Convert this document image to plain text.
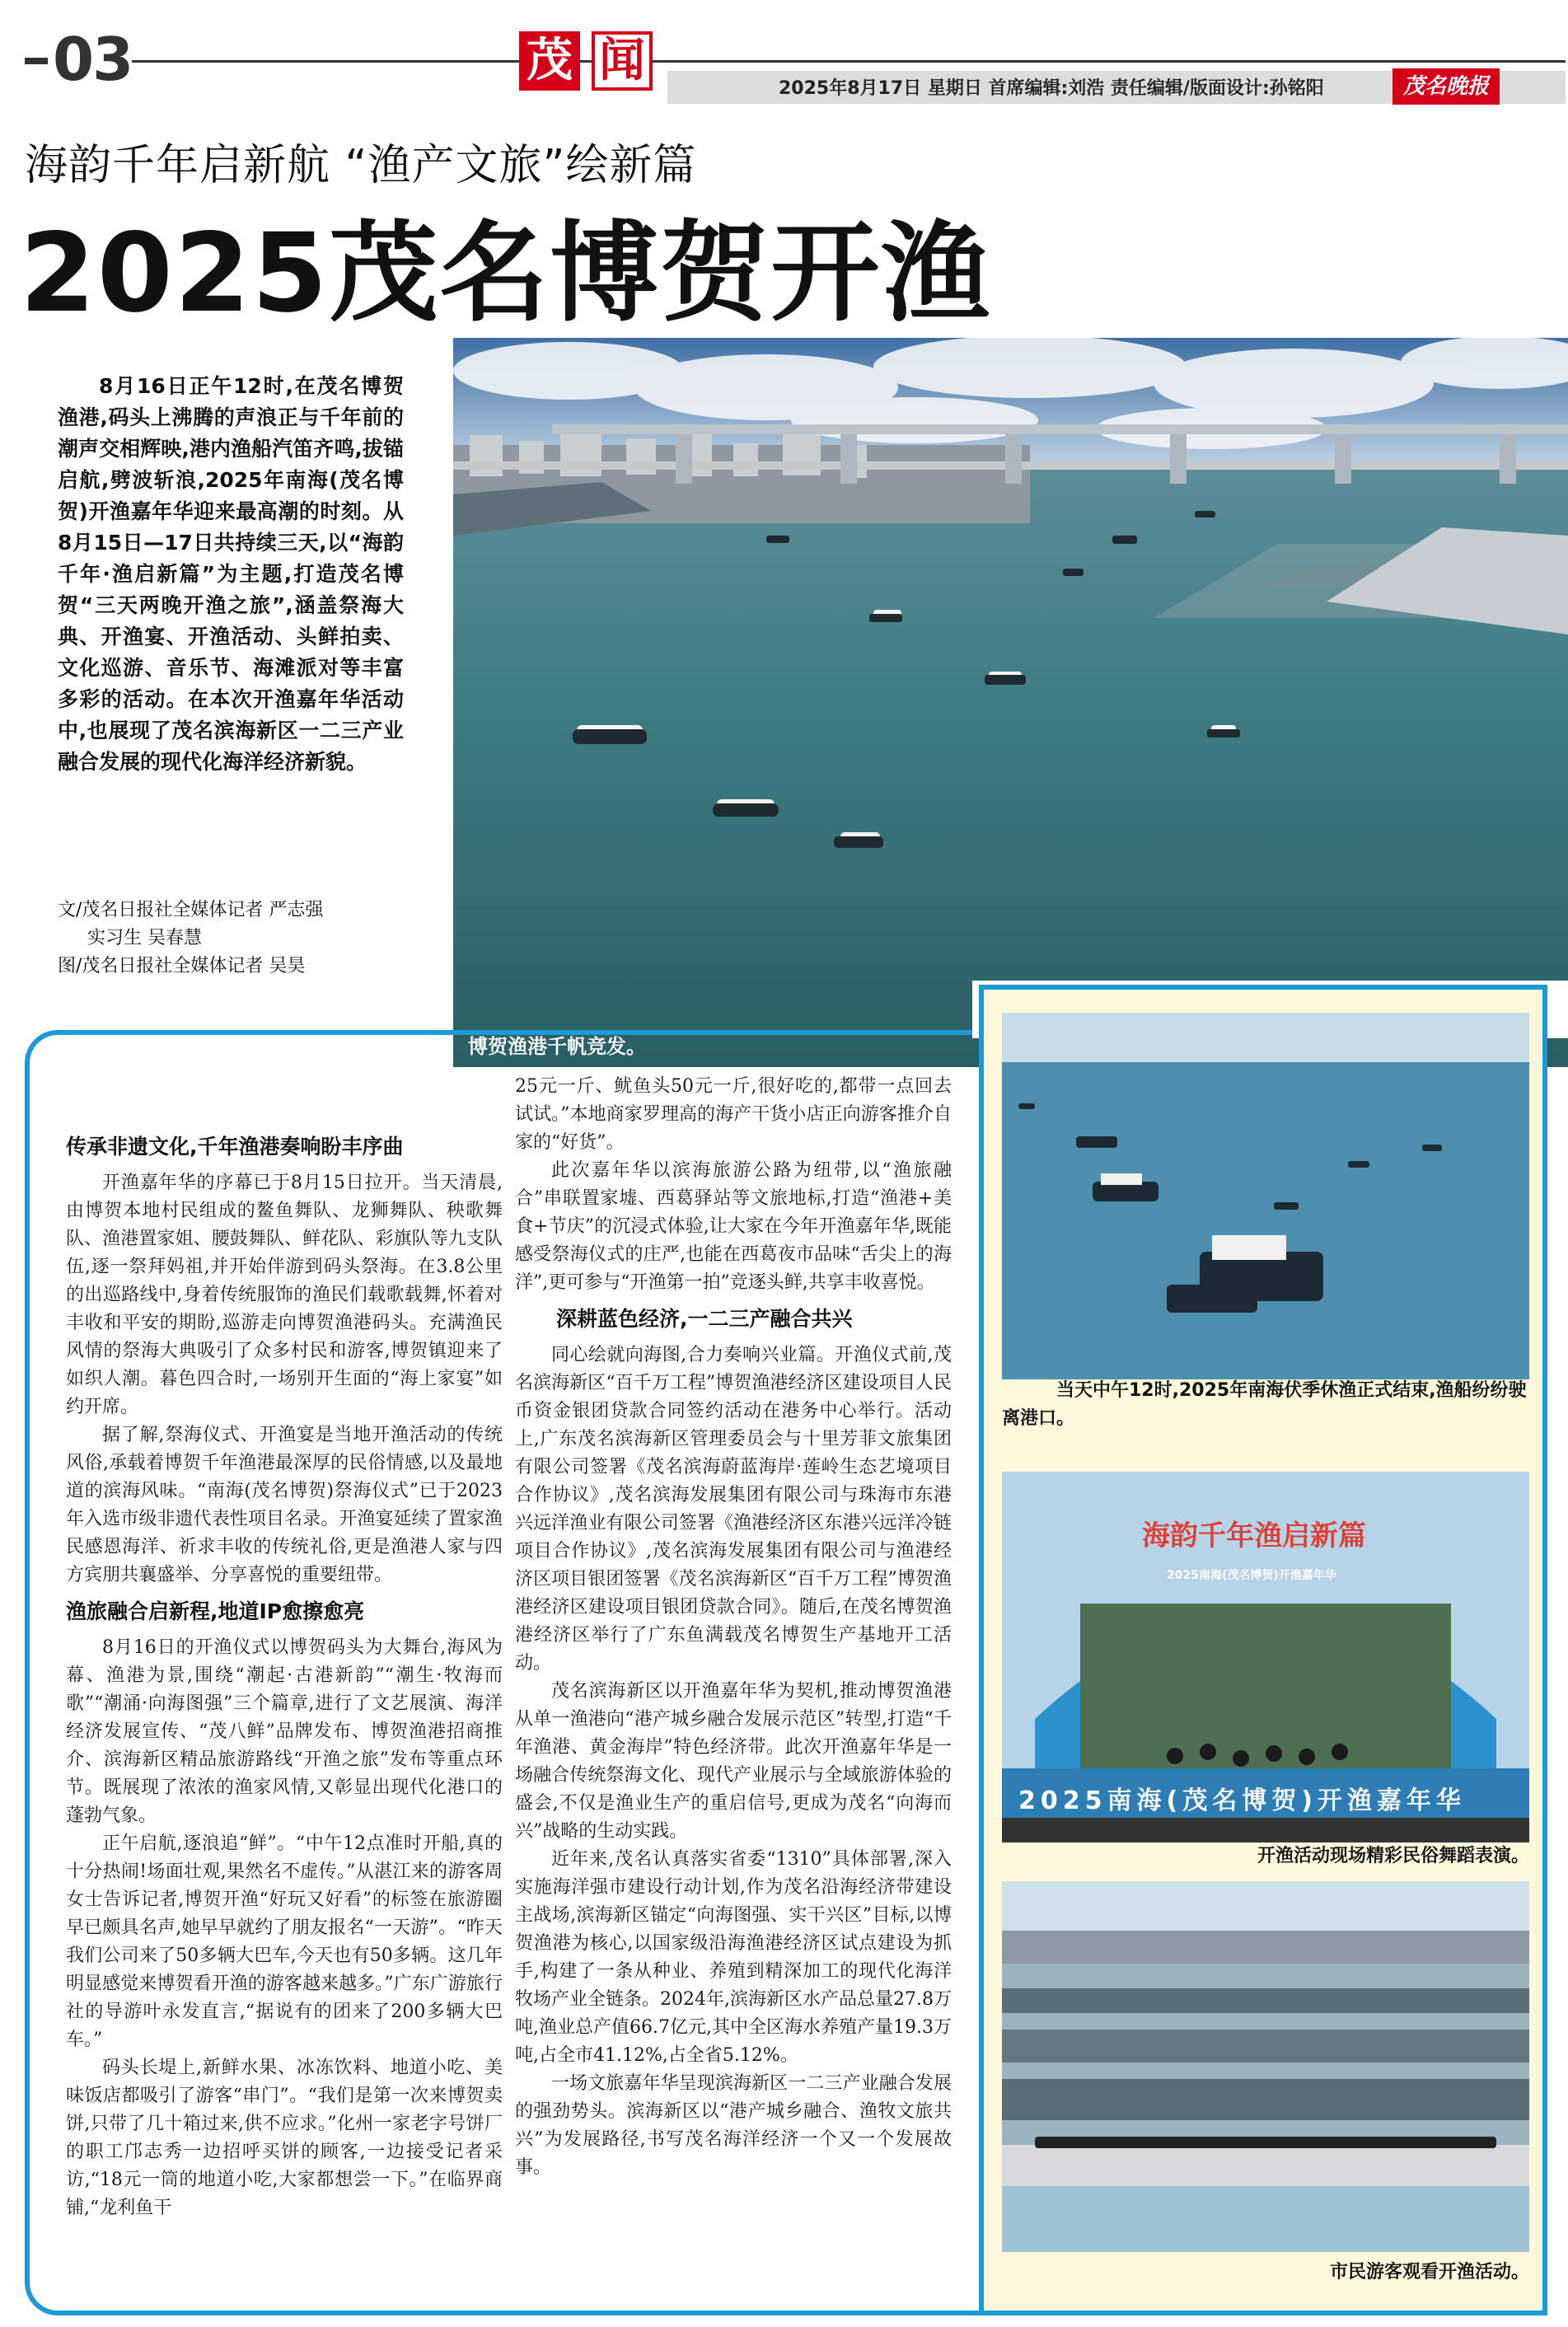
03	茂 闻
2025年8月17日 星期日 首席编辑:刘浩 责任编辑/版面设计:孙铭阳	茂名晚报
海韵千年启新航 “渔产文旅”绘新篇
2025茂名博贺开渔
8月16日正午12时,在茂名博贺渔港,码头上沸腾的声浪正与千年前的潮声交相辉映,港内渔船汽笛齐鸣,拔锚启航,劈波斩浪,2025年南海(茂名博贺)开渔嘉年华迎来最高潮的时刻。从8月15日—17日共持续三天,以“海韵千年·渔启新篇”为主题,打造茂名博贺“三天两晚开渔之旅”,涵盖祭海大典、开渔宴、开渔活动、头鲜拍卖、文化巡游、音乐节、海滩派对等丰富多彩的活动。在本次开渔嘉年华活动中,也展现了茂名滨海新区一二三产业融合发展的现代化海洋经济新貌。
文/茂名日报社全媒体记者 严志强
实习生 吴春慧
图/茂名日报社全媒体记者 吴昊
博贺渔港千帆竞发。
当天中午12时,2025年南海伏季休渔正式结束,渔船纷纷驶离港口。
海韵千年渔启新篇
2025南海(茂名博贺)开渔嘉年华
2025南海(茂名博贺)开渔嘉年华
开渔活动现场精彩民俗舞蹈表演。
市民游客观看开渔活动。
传承非遗文化,千年渔港奏响盼丰序曲

开渔嘉年华的序幕已于8月15日拉开。当天清晨,由博贺本地村民组成的鳌鱼舞队、龙狮舞队、秧歌舞队、渔港置家姐、腰鼓舞队、鲜花队、彩旗队等九支队伍,逐一祭拜妈祖,并开始伴游到码头祭海。在3.8公里的出巡路线中,身着传统服饰的渔民们载歌载舞,怀着对丰收和平安的期盼,巡游走向博贺渔港码头。充满渔民风情的祭海大典吸引了众多村民和游客,博贺镇迎来了如织人潮。暮色四合时,一场别开生面的“海上家宴”如约开席。

据了解,祭海仪式、开渔宴是当地开渔活动的传统风俗,承载着博贺千年渔港最深厚的民俗情感,以及最地道的滨海风味。“南海(茂名博贺)祭海仪式”已于2023年入选市级非遗代表性项目名录。开渔宴延续了置家渔民感恩海洋、祈求丰收的传统礼俗,更是渔港人家与四方宾朋共襄盛举、分享喜悦的重要纽带。

渔旅融合启新程,地道IP愈擦愈亮

8月16日的开渔仪式以博贺码头为大舞台,海风为幕、渔港为景,围绕“潮起·古港新韵”“潮生·牧海而歌”“潮涌·向海图强”三个篇章,进行了文艺展演、海洋经济发展宣传、“茂八鲜”品牌发布、博贺渔港招商推介、滨海新区精品旅游路线“开渔之旅”发布等重点环节。既展现了浓浓的渔家风情,又彰显出现代化港口的蓬勃气象。

正午启航,逐浪追“鲜”。“中午12点准时开船,真的十分热闹!场面壮观,果然名不虚传。”从湛江来的游客周女士告诉记者,博贺开渔“好玩又好看”的标签在旅游圈早已颇具名声,她早早就约了朋友报名“一天游”。“昨天我们公司来了50多辆大巴车,今天也有50多辆。这几年明显感觉来博贺看开渔的游客越来越多。”广东广游旅行社的导游叶永发直言,“据说有的团来了200多辆大巴车。”

码头长堤上,新鲜水果、冰冻饮料、地道小吃、美味饭店都吸引了游客“串门”。“我们是第一次来博贺卖饼,只带了几十箱过来,供不应求。”化州一家老字号饼厂的职工邝志秀一边招呼买饼的顾客,一边接受记者采访,“18元一筒的地道小吃,大家都想尝一下。”在临界商铺,“龙利鱼干

25元一斤、鱿鱼头50元一斤,很好吃的,都带一点回去试试。”本地商家罗理高的海产干货小店正向游客推介自家的“好货”。

此次嘉年华以滨海旅游公路为纽带,以“渔旅融合”串联置家墟、西葛驿站等文旅地标,打造“渔港+美食+节庆”的沉浸式体验,让大家在今年开渔嘉年华,既能感受祭海仪式的庄严,也能在西葛夜市品味“舌尖上的海洋”,更可参与“开渔第一拍”竞逐头鲜,共享丰收喜悦。

深耕蓝色经济,一二三产融合共兴

同心绘就向海图,合力奏响兴业篇。开渔仪式前,茂名滨海新区“百千万工程”博贺渔港经济区建设项目人民币资金银团贷款合同签约活动在港务中心举行。活动上,广东茂名滨海新区管理委员会与十里芳菲文旅集团有限公司签署《茂名滨海蔚蓝海岸·莲岭生态艺境项目合作协议》,茂名滨海发展集团有限公司与珠海市东港兴远洋渔业有限公司签署《渔港经济区东港兴远洋冷链项目合作协议》,茂名滨海发展集团有限公司与渔港经济区项目银团签署《茂名滨海新区“百千万工程”博贺渔港经济区建设项目银团贷款合同》。随后,在茂名博贺渔港经济区举行了广东鱼满载茂名博贺生产基地开工活动。

茂名滨海新区以开渔嘉年华为契机,推动博贺渔港从单一渔港向“港产城乡融合发展示范区”转型,打造“千年渔港、黄金海岸”特色经济带。此次开渔嘉年华是一场融合传统祭海文化、现代产业展示与全域旅游体验的盛会,不仅是渔业生产的重启信号,更成为茂名“向海而兴”战略的生动实践。

近年来,茂名认真落实省委“1310”具体部署,深入实施海洋强市建设行动计划,作为茂名沿海经济带建设主战场,滨海新区锚定“向海图强、实干兴区”目标,以博贺渔港为核心,以国家级沿海渔港经济区试点建设为抓手,构建了一条从种业、养殖到精深加工的现代化海洋牧场产业全链条。2024年,滨海新区水产品总量27.8万吨,渔业总产值66.7亿元,其中全区海水养殖产量19.3万吨,占全市41.12%,占全省5.12%。

一场文旅嘉年华呈现滨海新区一二三产业融合发展的强劲势头。滨海新区以“港产城乡融合、渔牧文旅共兴”为发展路径,书写茂名海洋经济一个又一个发展故事。
